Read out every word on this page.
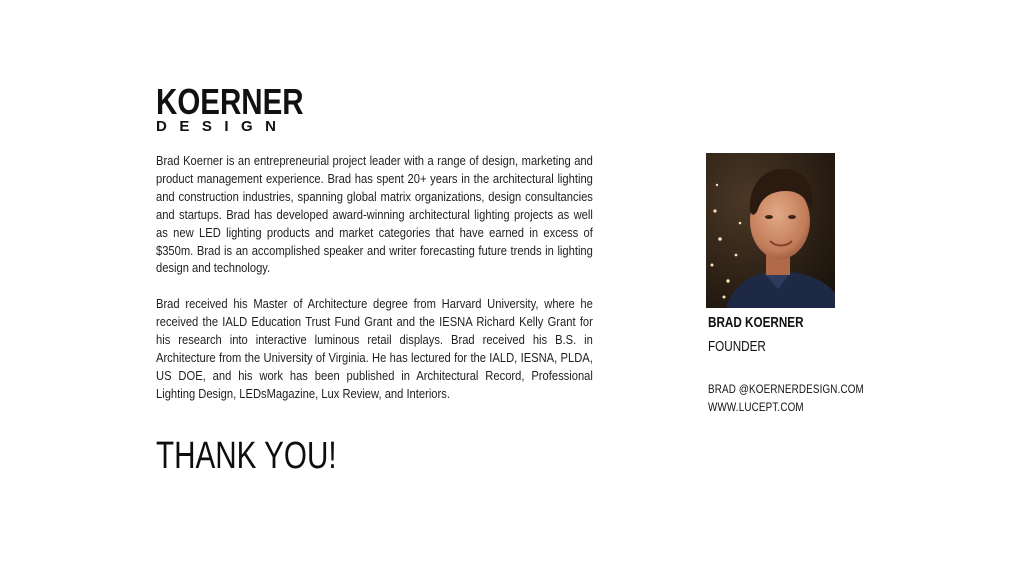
KOERNER
DESIGN

Brad Koerner is an entrepreneurial project leader with a range of design, marketing and product management experience. Brad has spent 20+ years in the architectural lighting and construction industries, spanning global matrix organizations, design consultancies and startups. Brad has developed award-winning architectural lighting projects as well as new LED lighting products and market categories that have earned in excess of $350m. Brad is an accomplished speaker and writer forecasting future trends in lighting design and technology.

Brad received his Master of Architecture degree from Harvard University, where he received the IALD Education Trust Fund Grant and the IESNA Richard Kelly Grant for his research into interactive luminous retail displays. Brad received his B.S. in Architecture from the University of Virginia. He has lectured for the IALD, IESNA, PLDA, US DOE, and his work has been published in Architectural Record, Professional Lighting Design, LEDsMagazine, Lux Review, and Interiors.

THANK YOU!
BRAD KOERNER
FOUNDER
BRAD @KOERNERDESIGN.COM
WWW.LUCEPT.COM
